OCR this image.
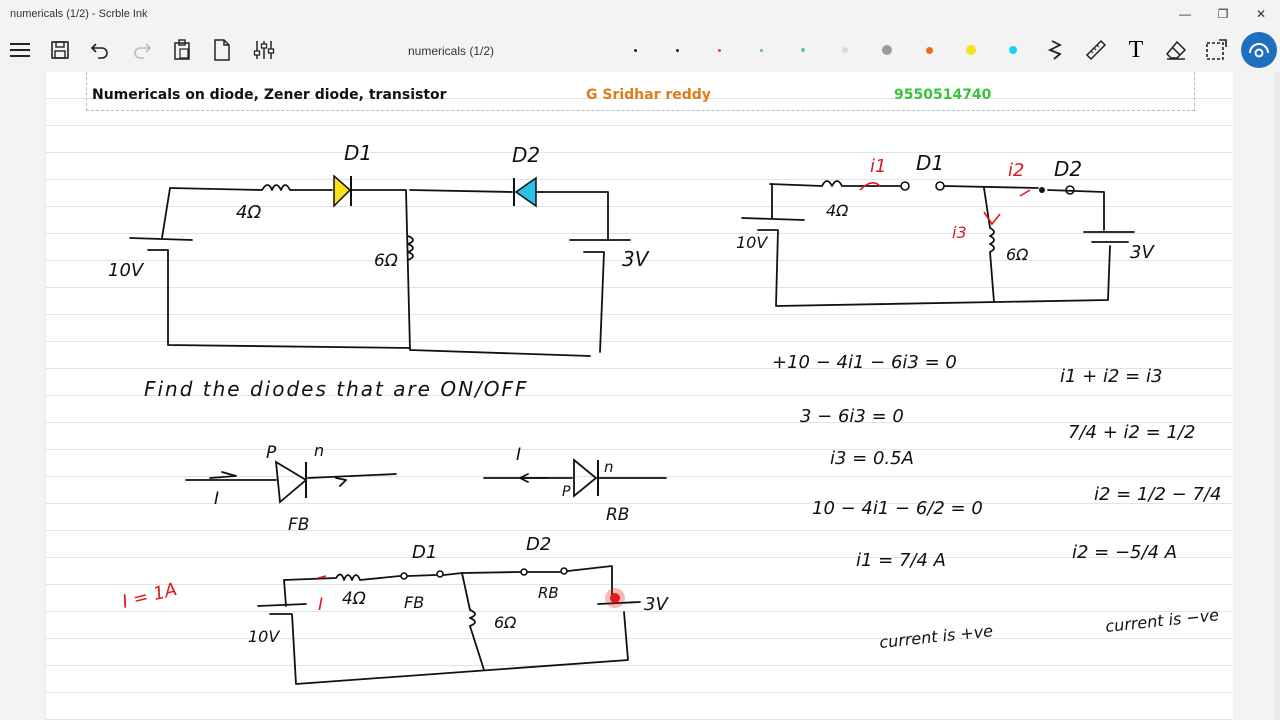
numericals (1/2) - Scrble Ink	—	❐	✕
numericals (1/2)	T
Numericals on diode, Zener diode, transistor	G Sridhar reddy	9550514740
D1	D2
4Ω
10V	6Ω	3V
Find the diodes that are ON/OFF
P n
I
FB
I
P
n
RB
I = 1A
D1	D2
I 4Ω FB	RB
10V
6Ω
3V
i1 D1	i2 D2
4Ω
10V
i3
6Ω	3V
+10 − 4i1 − 6i3 = 0
3 − 6i3 = 0
i3 = 0.5A
10 − 4i1 − 6/2 = 0
i1 = 7/4 A
current is +ve
i1 + i2 = i3
7/4 + i2 = 1/2
i2 = 1/2 − 7/4
i2 = −5/4 A
current is −ve
